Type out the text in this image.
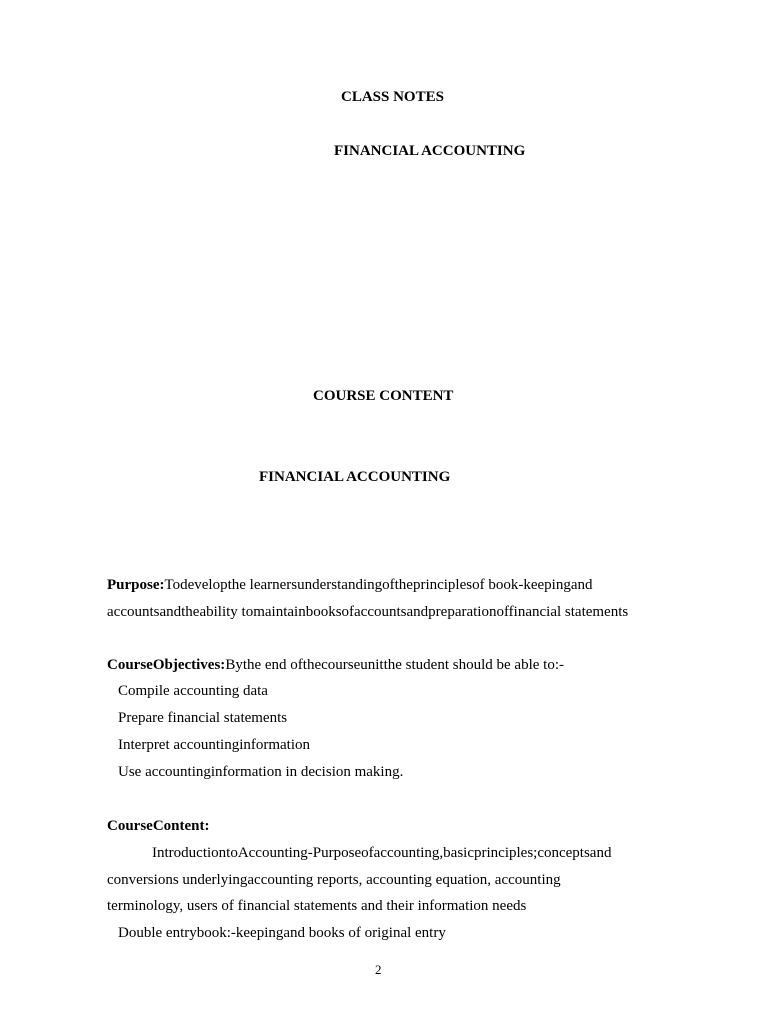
CLASS NOTES
FINANCIAL ACCOUNTING
COURSE CONTENT
FINANCIAL ACCOUNTING
Purpose:Todevelopthe learnersunderstandingoftheprinciplesof book-keepingand
accountsandtheability tomaintainbooksofaccountsandpreparationoffinancial statements
CourseObjectives:Bythe end ofthecourseunitthe student should be able to:-
Compile accounting data
Prepare financial statements
Interpret accountinginformation
Use accountinginformation in decision making.
CourseContent:
IntroductiontoAccounting-Purposeofaccounting,basicprinciples;conceptsand
conversions underlyingaccounting reports, accounting equation, accounting
terminology, users of financial statements and their information needs
Double entrybook:-keepingand books of original entry
2
